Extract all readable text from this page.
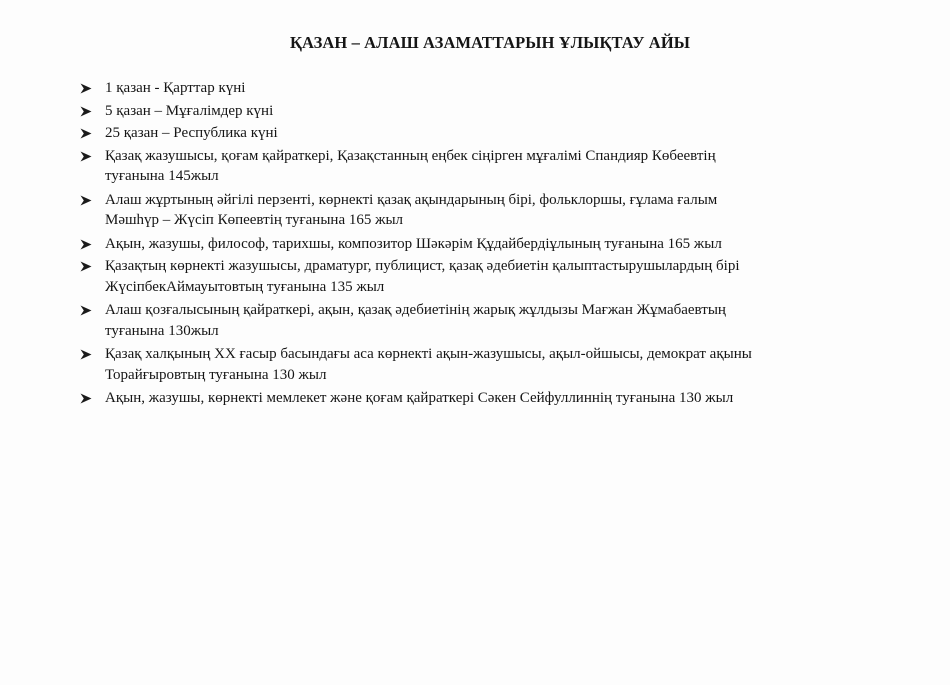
ҚАЗАН – АЛАШ АЗАМАТТАРЫН ҰЛЫҚТАУ АЙЫ
1 қазан - Қарттар күні
5 қазан – Мұғалімдер күні
25 қазан – Республика күні
Қазақ жазушысы, қоғам қайраткері, Қазақстанның еңбек сіңірген мұғалімі Спандияр Көбеевтің
туғанына 145жыл
Алаш жұртының әйгілі перзенті, көрнекті қазақ ақындарының бірі, фольклоршы, ғұлама ғалым
Мәшһүр – Жүсіп Көпеевтің туғанына 165 жыл
Ақын, жазушы, философ, тарихшы, композитор Шәкәрім Құдайбердіұлының туғанына 165 жыл
Қазақтың көрнекті жазушысы, драматург, публицист, қазақ әдебиетін қалыптастырушылардың бірі
ЖүсіпбекАймауытовтың туғанына 135 жыл
Алаш қозғалысының қайраткері, ақын, қазақ әдебиетінің жарық жұлдызы Мағжан Жұмабаевтың
туғанына 130жыл
Қазақ халқының XX ғасыр басындағы аса көрнекті ақын-жазушысы, ақыл-ойшысы, демократ ақыны
Торайғыровтың туғанына 130 жыл
Ақын, жазушы, көрнекті мемлекет және қоғам қайраткері Сәкен Сейфуллиннің туғанына 130 жыл
